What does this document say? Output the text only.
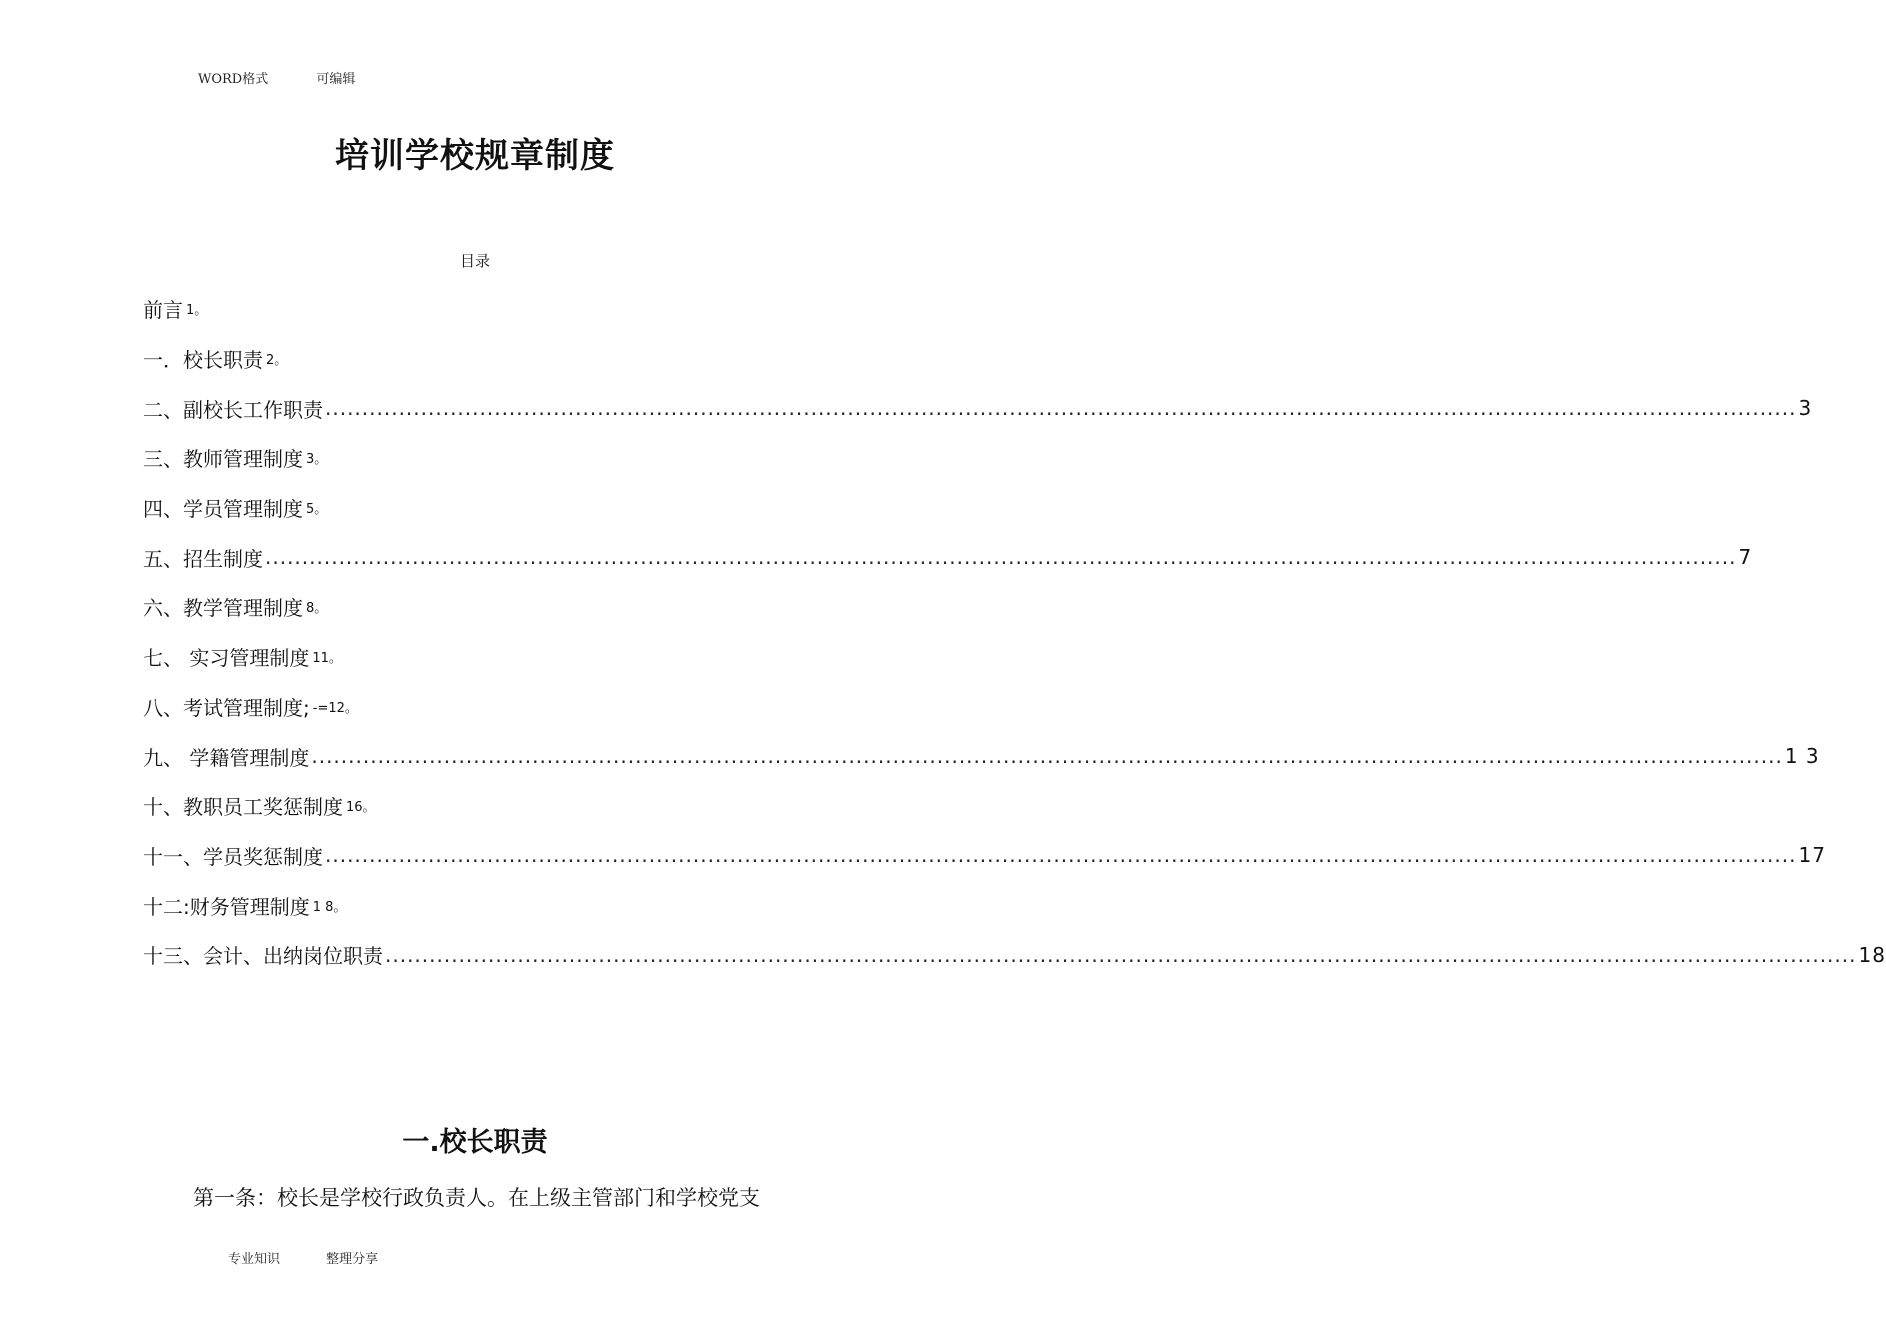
WORD格式	可编辑
培训学校规章制度
目录
前言 1。
一．校长职责 2。
二、副校长工作职责 ........................................................................................................................................................................................................ 3
三、教师管理制度 3。
四、学员管理制度 5。
五、招生制度 ........................................................................................................................................................................................................ 7
六、教学管理制度 8。
七、 实习管理制度 11。
八、考试管理制度; -=12。
九、 学籍管理制度 ........................................................................................................................................................................................................ 1 3
十、教职员工奖惩制度 16。
十一、学员奖惩制度 ........................................................................................................................................................................................................ 17
十二:财务管理制度 1 8。
十三、会计、出纳岗位职责 ........................................................................................................................................................................................................ 18
一.校长职责
第一条：校长是学校行政负责人。在上级主管部门和学校党支
专业知识	整理分享
